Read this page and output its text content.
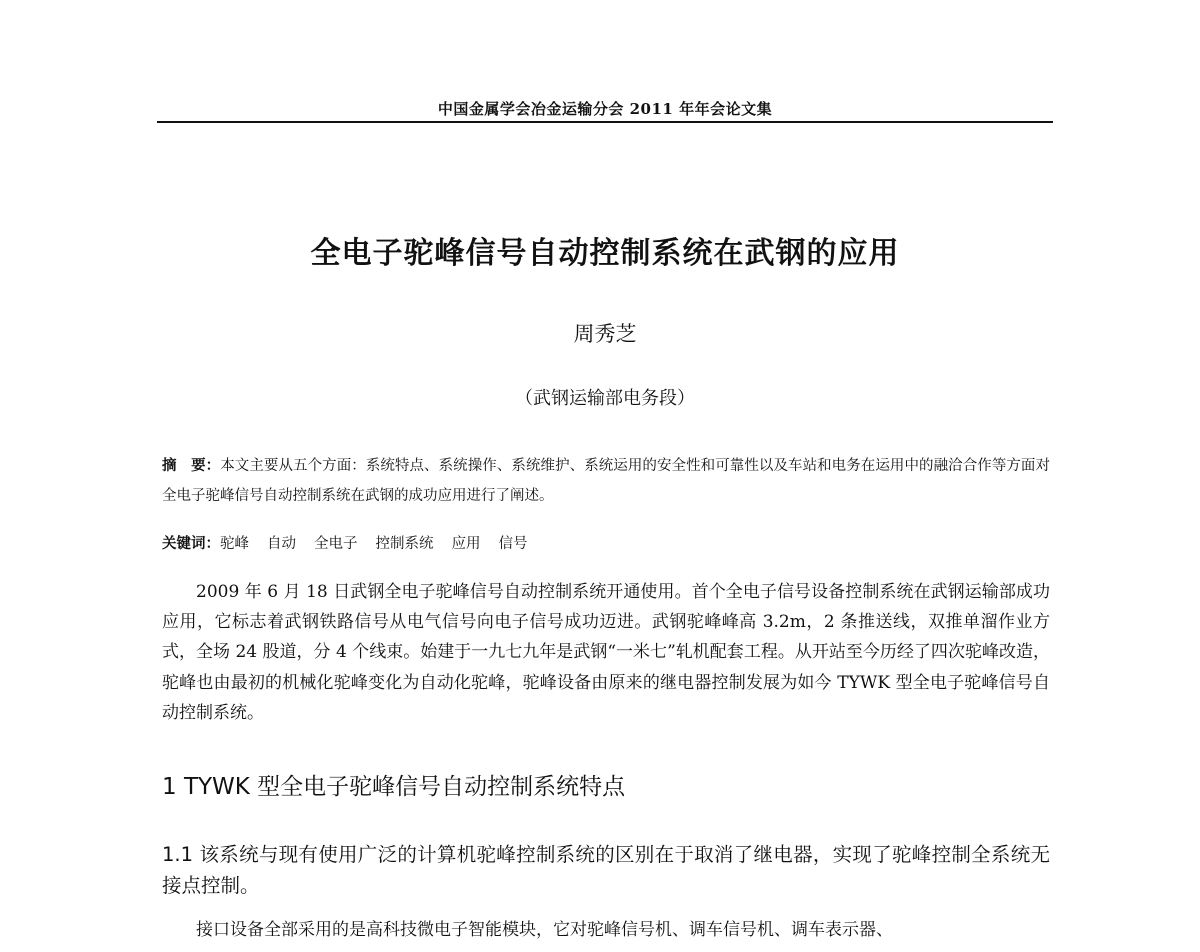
中国金属学会冶金运输分会 2011 年年会论文集
全电子驼峰信号自动控制系统在武钢的应用
周秀芝
（武钢运输部电务段）
摘　要：本文主要从五个方面：系统特点、系统操作、系统维护、系统运用的安全性和可靠性以及车站和电务在运用中的融洽合作等方面对全电子驼峰信号自动控制系统在武钢的成功应用进行了阐述。
关键词：驼峰 自动 全电子 控制系统 应用 信号
2009 年 6 月 18 日武钢全电子驼峰信号自动控制系统开通使用。首个全电子信号设备控制系统在武钢运输部成功应用，它标志着武钢铁路信号从电气信号向电子信号成功迈进。武钢驼峰峰高 3.2m，2 条推送线，双推单溜作业方式，全场 24 股道，分 4 个线束。始建于一九七九年是武钢“一米七”轧机配套工程。从开站至今历经了四次驼峰改造，驼峰也由最初的机械化驼峰变化为自动化驼峰，驼峰设备由原来的继电器控制发展为如今 TYWK 型全电子驼峰信号自动控制系统。
1 TYWK 型全电子驼峰信号自动控制系统特点
1.1 该系统与现有使用广泛的计算机驼峰控制系统的区别在于取消了继电器，实现了驼峰控制全系统无接点控制。
接口设备全部采用的是高科技微电子智能模块，它对驼峰信号机、调车信号机、调车表示器、
